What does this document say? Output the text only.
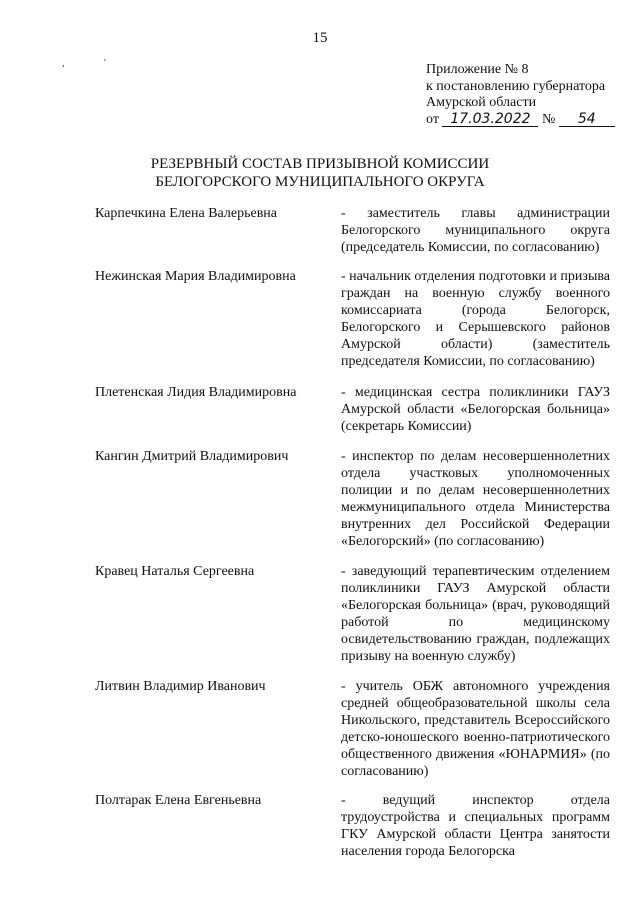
15
,	'	Приложение № 8
к постановлению губернатора
Амурской области
от 17.03.2022 № 54
РЕЗЕРВНЫЙ СОСТАВ ПРИЗЫВНОЙ КОМИССИИ
БЕЛОГОРСКОГО МУНИЦИПАЛЬНОГО ОКРУГА
Карпечкина Елена Валерьевна	- заместитель главы администрации Белогорского муниципального округа (председатель Комиссии, по согласованию)
Нежинская Мария Владимировна	- начальник отделения подготовки и призыва граждан на военную службу военного комиссариата (города Белогорск, Белогорского и Серышевского районов Амурской области) (заместитель председателя Комиссии, по согласованию)
Плетенская Лидия Владимировна	- медицинская сестра поликлиники ГАУЗ Амурской области «Белогорская больница» (секретарь Комиссии)
Кангин Дмитрий Владимирович	- инспектор по делам несовершеннолетних отдела участковых уполномоченных полиции и по делам несовершеннолетних межмуниципального отдела Министерства внутренних дел Российской Федерации «Белогорский» (по согласованию)
Кравец Наталья Сергеевна	- заведующий терапевтическим отделением поликлиники ГАУЗ Амурской области «Белогорская больница» (врач, руководящий работой по медицинскому освидетельствованию граждан, подлежащих призыву на военную службу)
Литвин Владимир Иванович	- учитель ОБЖ автономного учреждения средней общеобразовательной школы села Никольского, представитель Всероссийского детско-юношеского военно-патриотического общественного движения «ЮНАРМИЯ» (по согласованию)
Полтарак Елена Евгеньевна	- ведущий инспектор отдела трудоустройства и специальных программ ГКУ Амурской области Центра занятости населения города Белогорска
